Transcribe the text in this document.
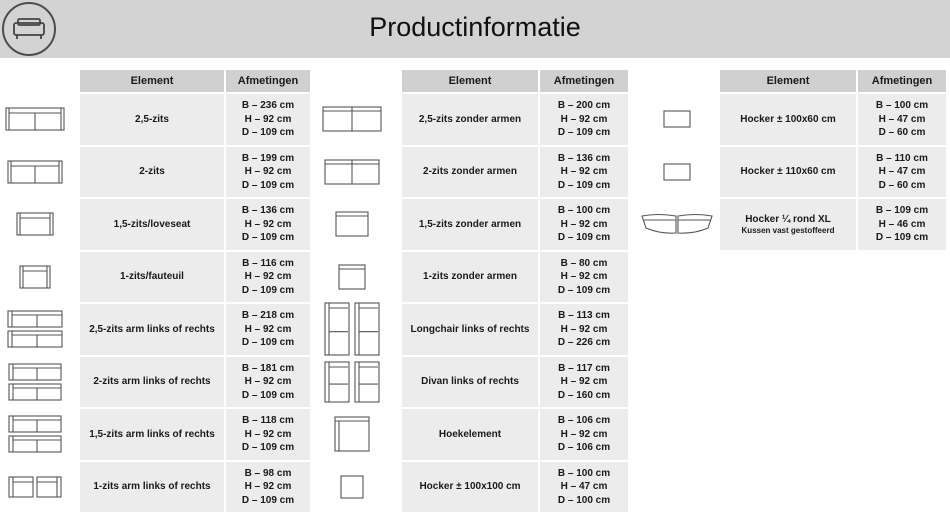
Productinformatie
Element	Afmetingen
2,5-zits
B – 236 cm
H – 92 cm
D – 109 cm
2-zits
B – 199 cm
H – 92 cm
D – 109 cm
1,5-zits/loveseat
B – 136 cm
H – 92 cm
D – 109 cm
1-zits/fauteuil
B – 116 cm
H – 92 cm
D – 109 cm
2,5-zits arm links of rechts
B – 218 cm
H – 92 cm
D – 109 cm
2-zits arm links of rechts
B – 181 cm
H – 92 cm
D – 109 cm
1,5-zits arm links of rechts
B – 118 cm
H – 92 cm
D – 109 cm
1-zits arm links of rechts
B – 98 cm
H – 92 cm
D – 109 cm
Element	Afmetingen
2,5-zits zonder armen
B – 200 cm
H – 92 cm
D – 109 cm
2-zits zonder armen
B – 136 cm
H – 92 cm
D – 109 cm
1,5-zits zonder armen
B – 100 cm
H – 92 cm
D – 109 cm
1-zits zonder armen
B – 80 cm
H – 92 cm
D – 109 cm
Longchair links of rechts
B – 113 cm
H – 92 cm
D – 226 cm
Divan links of rechts
B – 117 cm
H – 92 cm
D – 160 cm
Hoekelement
B – 106 cm
H – 92 cm
D – 106 cm
Hocker ± 100x100 cm
B – 100 cm
H – 47 cm
D – 100 cm
Element	Afmetingen
Hocker ± 100x60 cm
B – 100 cm
H – 47 cm
D – 60 cm
Hocker ± 110x60 cm
B – 110 cm
H – 47 cm
D – 60 cm
Hocker ¼ rond XL
Kussen vast gestoffeerd
B – 109 cm
H – 46 cm
D – 109 cm
